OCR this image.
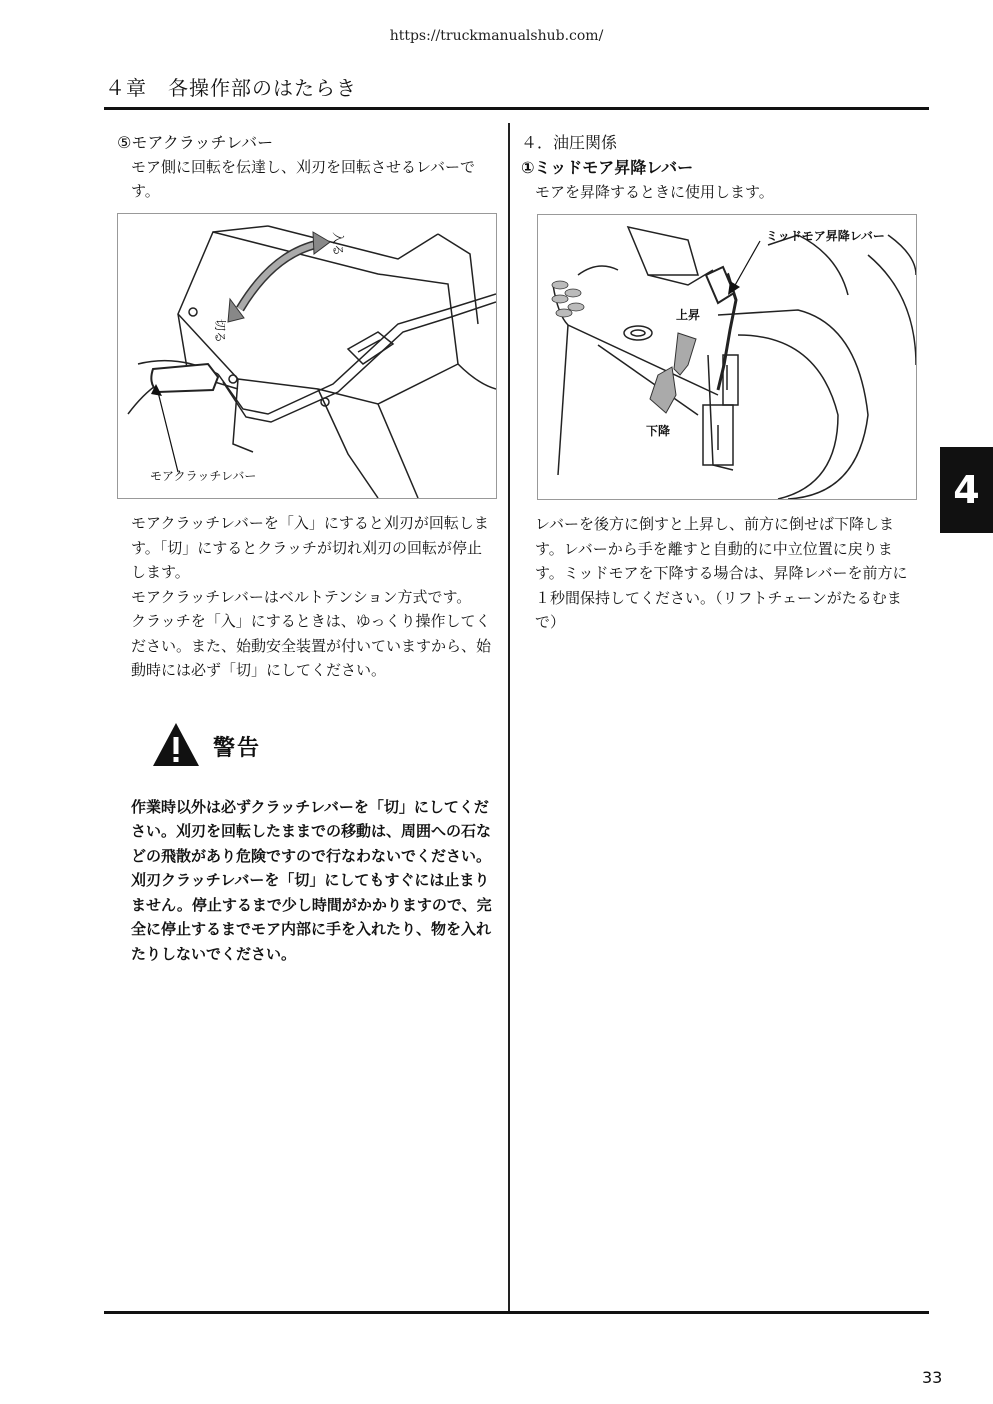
https://truckmanualshub.com/
４章　各操作部のはたらき
⑤モアクラッチレバー
モア側に回転を伝達し、刈刃を回転させるレバーです。
入る
切る
モアクラッチレバー

モアクラッチレバーを「入」にすると刈刃が回転します。「切」にするとクラッチが切れ刈刃の回転が停止します。

モアクラッチレバーはベルトテンション方式です。

クラッチを「入」にするときは、ゆっくり操作してください。また、始動安全装置が付いていますから、始動時には必ず「切」にしてください。

警告

作業時以外は必ずクラッチレバーを「切」にしてください。刈刃を回転したままでの移動は、周囲への石などの飛散があり危険ですので行なわないでください。刈刃クラッチレバーを「切」にしてもすぐには止まりません。停止するまで少し時間がかかりますので、完全に停止するまでモア内部に手を入れたり、物を入れたりしないでください。

４．油圧関係
①ミッドモア昇降レバー
モアを昇降するときに使用します。
ミッドモア昇降レバー
上昇
下降

レバーを後方に倒すと上昇し、前方に倒せば下降します。レバーから手を離すと自動的に中立位置に戻ります。ミッドモアを下降する場合は、昇降レバーを前方に１秒間保持してください。（リフトチェーンがたるむまで）

4
33
